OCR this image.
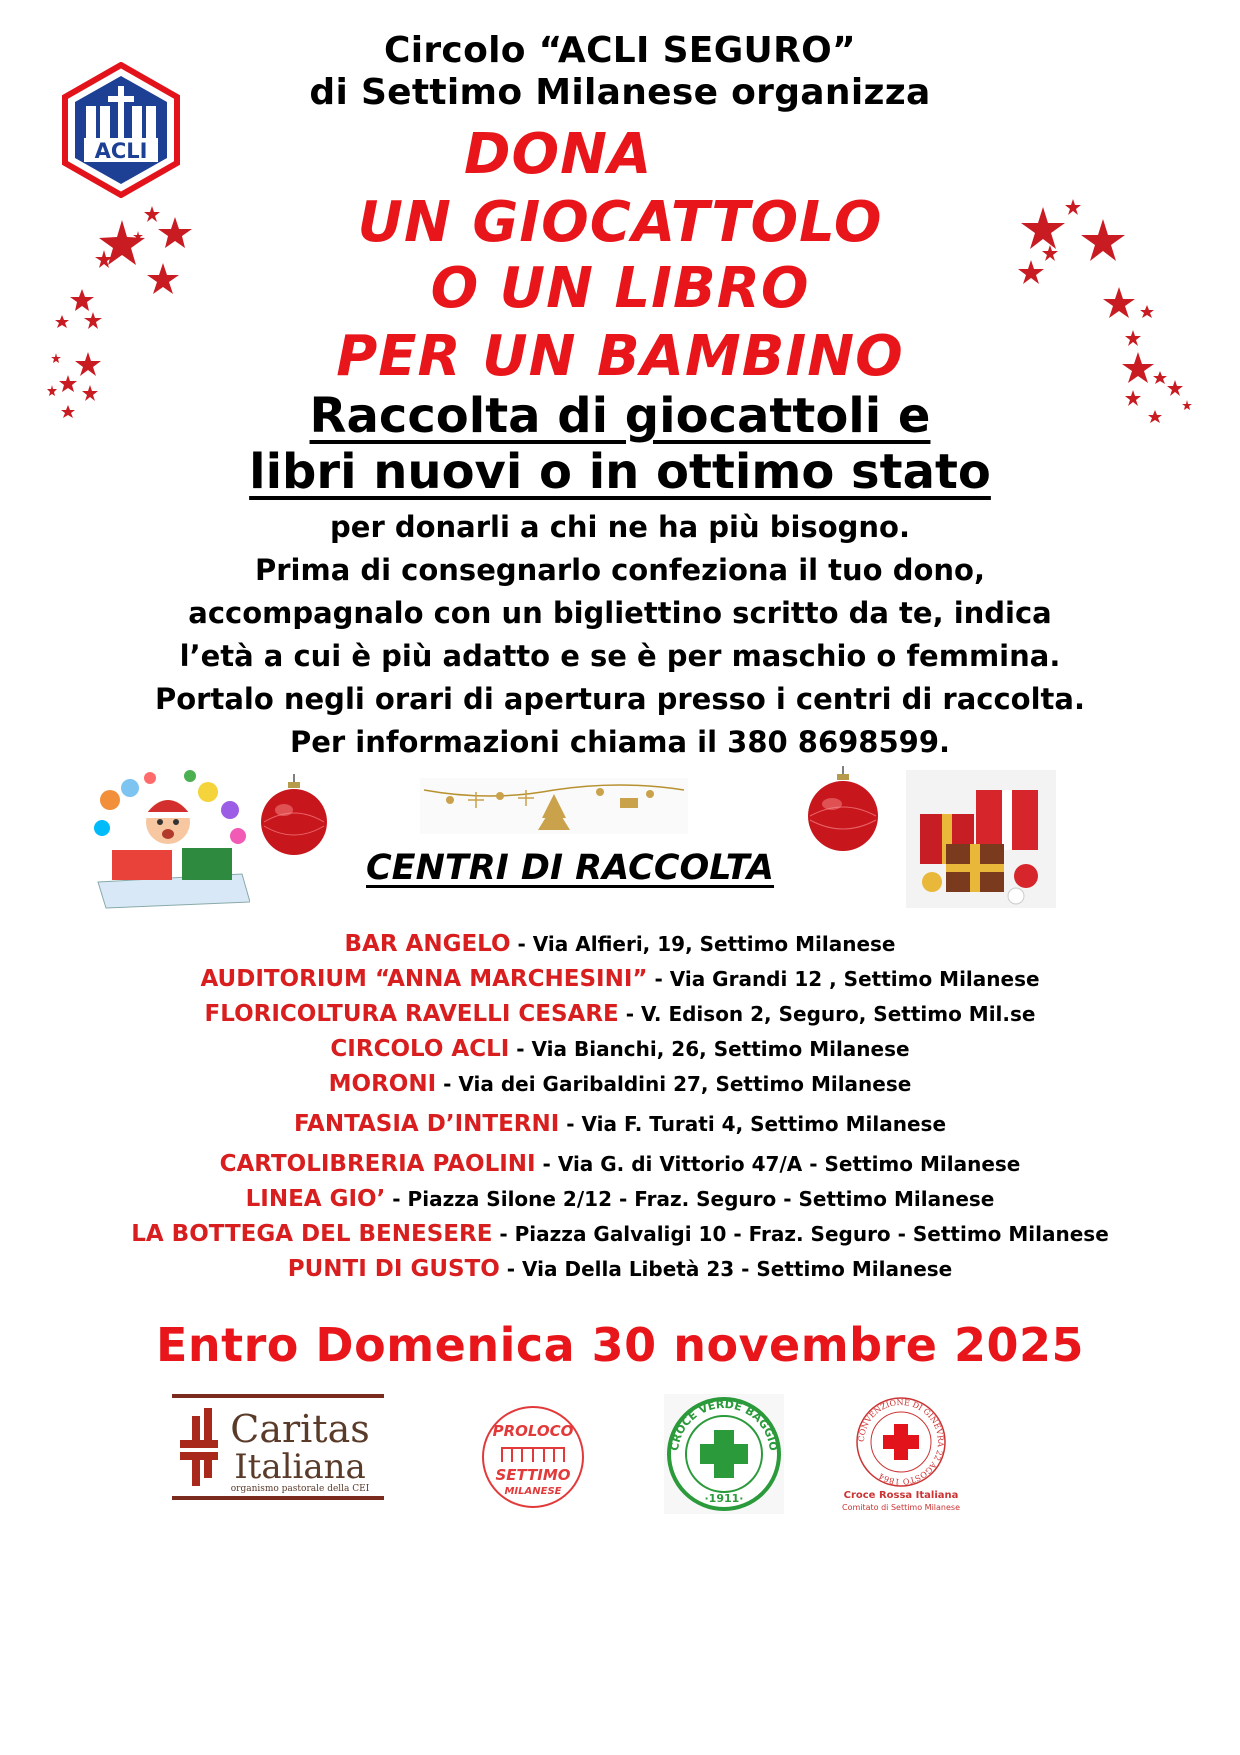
ACLI
Circolo “ACLI SEGURO”
di Settimo Milanese organizza
DONA
UN GIOCATTOLO
O UN LIBRO
PER UN BAMBINO
Raccolta di giocattoli e
libri nuovi o in ottimo stato
per donarli a chi ne ha più bisogno.
Prima di consegnarlo confeziona il tuo dono,
accompagnalo con un bigliettino scritto da te, indica
l’età a cui è più adatto e se è per maschio o femmina.
Portalo negli orari di apertura presso i centri di raccolta.
Per informazioni chiama il 380 8698599.
CENTRI DI RACCOLTA
BAR ANGELO - Via Alfieri, 19, Settimo Milanese
AUDITORIUM “ANNA MARCHESINI” - Via Grandi 12 , Settimo Milanese
FLORICOLTURA RAVELLI CESARE - V. Edison 2, Seguro, Settimo Mil.se
CIRCOLO ACLI - Via Bianchi, 26, Settimo Milanese
MORONI - Via dei Garibaldini 27, Settimo Milanese
FANTASIA D’INTERNI - Via F. Turati 4, Settimo Milanese
CARTOLIBRERIA PAOLINI - Via G. di Vittorio 47/A - Settimo Milanese
LINEA GIO’ - Piazza Silone 2/12 - Fraz. Seguro - Settimo Milanese
LA BOTTEGA DEL BENESERE - Piazza Galvaligi 10 - Fraz. Seguro - Settimo Milanese
PUNTI DI GUSTO - Via Della Libetà 23 - Settimo Milanese
Entro Domenica 30 novembre 2025
Caritas
Italiana
organismo pastorale della CEI
PROLOCO
SETTIMO
MILANESE
CROCE VERDE BAGGIO
·1911·
CONVENZIONE DI GINEVRA 22 AGOSTO 1864
Croce Rossa Italiana
Comitato di Settimo Milanese
